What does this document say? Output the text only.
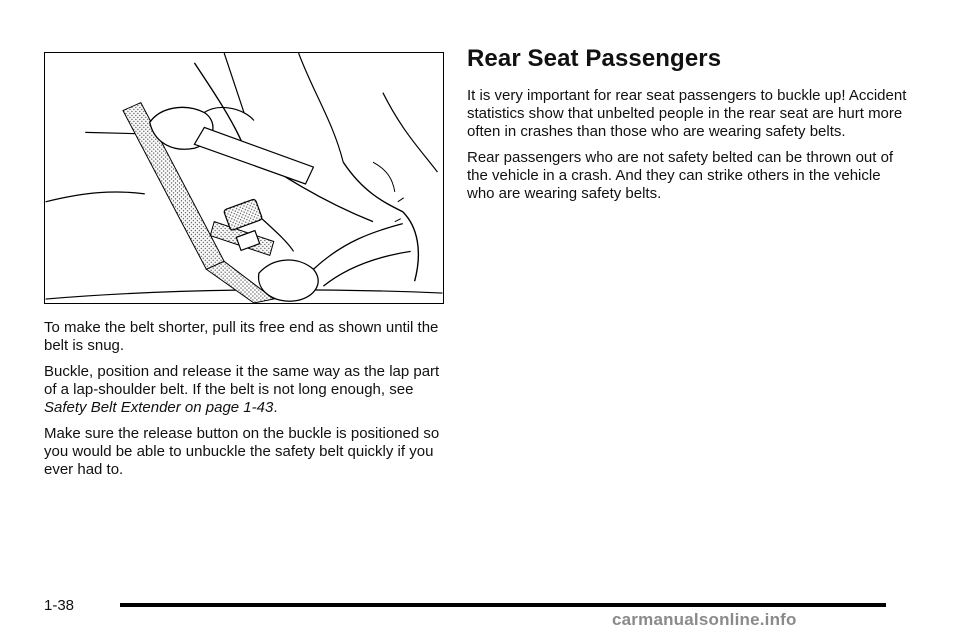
To make the belt shorter, pull its free end as shown until the belt is snug.

Buckle, position and release it the same way as the lap part of a lap-shoulder belt. If the belt is not long enough, see Safety Belt Extender on page 1-43.

Make sure the release button on the buckle is positioned so you would be able to unbuckle the safety belt quickly if you ever had to.

Rear Seat Passengers

It is very important for rear seat passengers to buckle up! Accident statistics show that unbelted people in the rear seat are hurt more often in crashes than those who are wearing safety belts.

Rear passengers who are not safety belted can be thrown out of the vehicle in a crash. And they can strike others in the vehicle who are wearing safety belts.

1-38
carmanualsonline.info
